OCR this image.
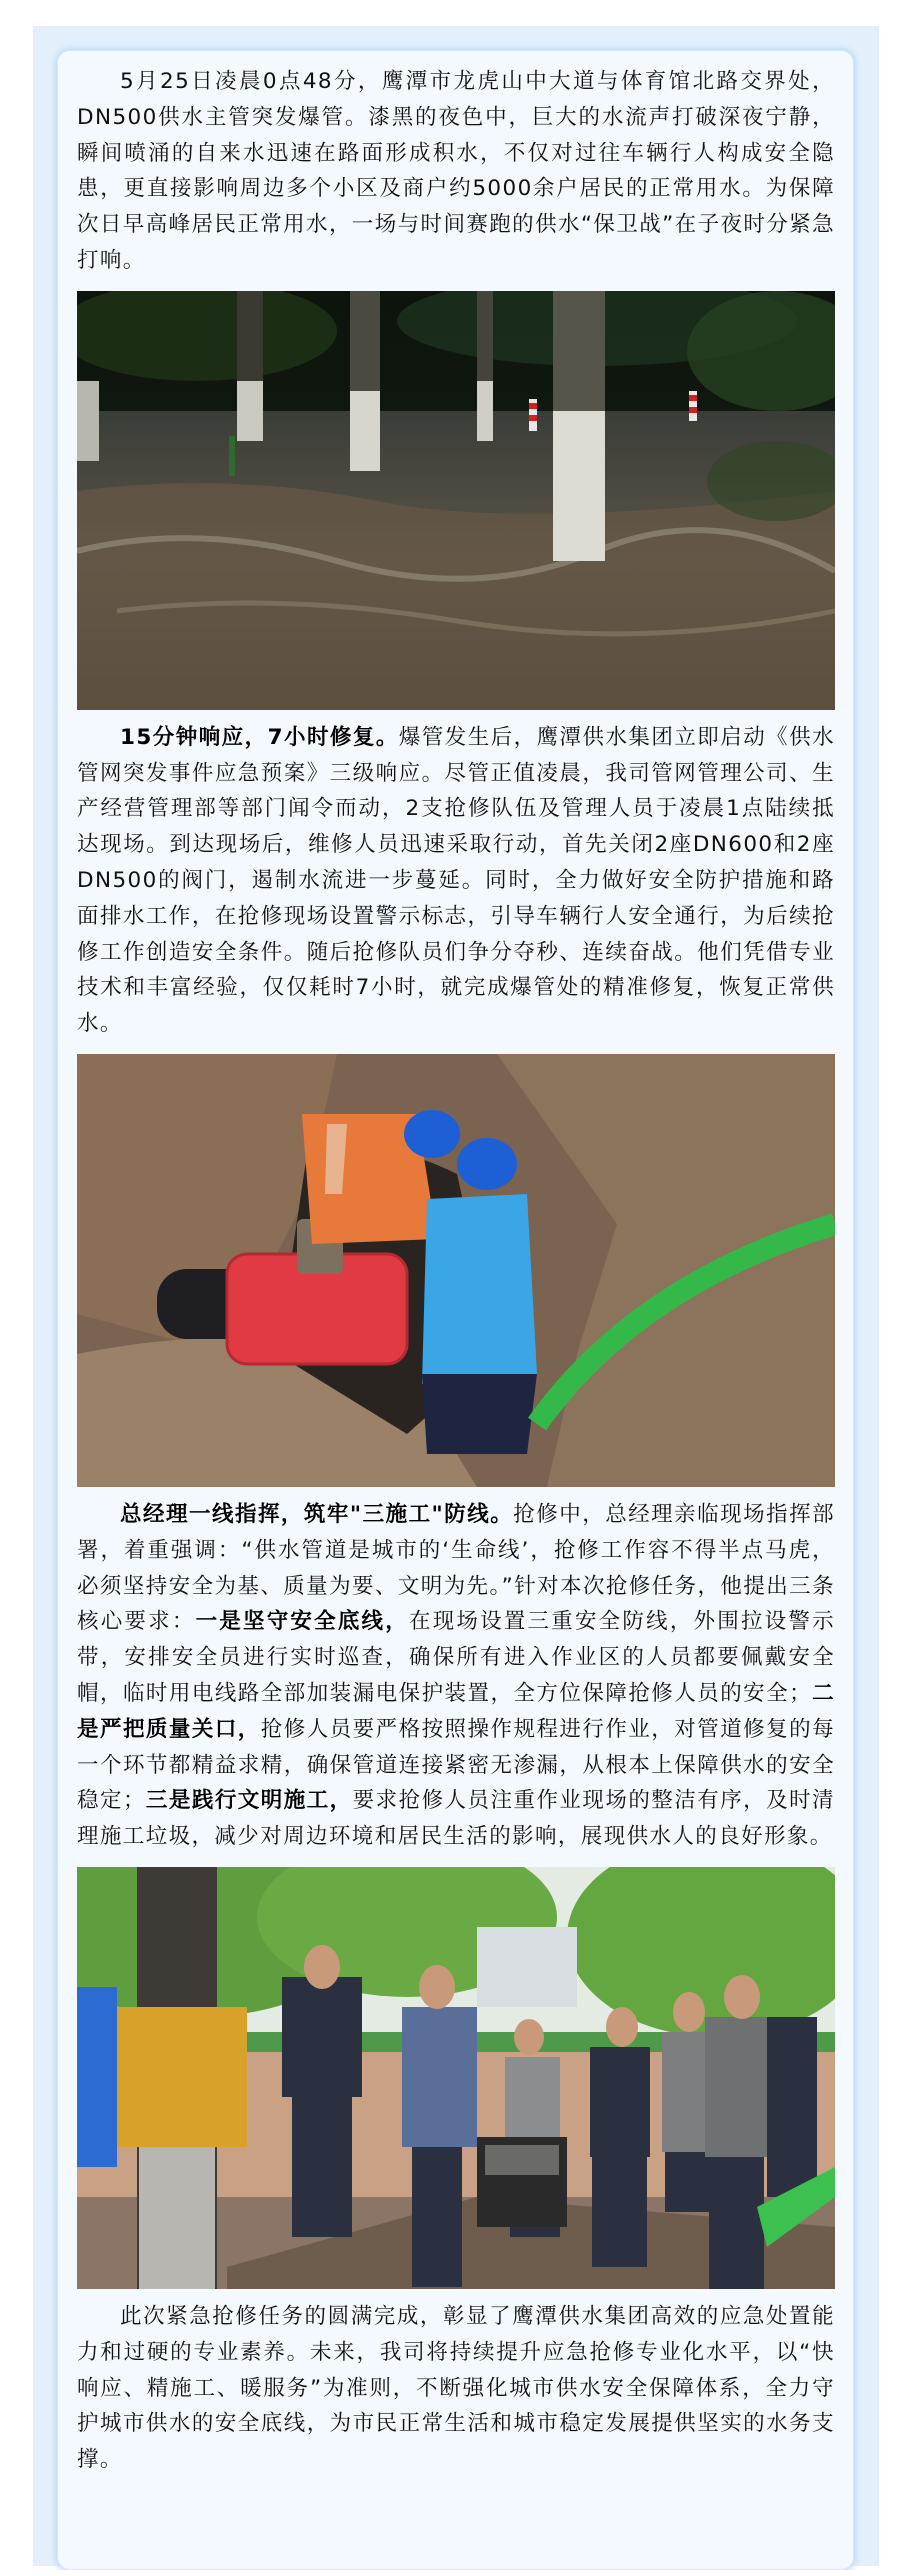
5月25日凌晨0点48分，鹰潭市龙虎山中大道与体育馆北路交界处，DN500供水主管突发爆管。漆黑的夜色中，巨大的水流声打破深夜宁静，瞬间喷涌的自来水迅速在路面形成积水，不仅对过往车辆行人构成安全隐患，更直接影响周边多个小区及商户约5000余户居民的正常用水。为保障次日早高峰居民正常用水，一场与时间赛跑的供水“保卫战”在子夜时分紧急打响。

15分钟响应，7小时修复。爆管发生后，鹰潭供水集团立即启动《供水管网突发事件应急预案》三级响应。尽管正值凌晨，我司管网管理公司、生产经营管理部等部门闻令而动，2支抢修队伍及管理人员于凌晨1点陆续抵达现场。到达现场后，维修人员迅速采取行动，首先关闭2座DN600和2座DN500的阀门，遏制水流进一步蔓延。同时，全力做好安全防护措施和路面排水工作，在抢修现场设置警示标志，引导车辆行人安全通行，为后续抢修工作创造安全条件。随后抢修队员们争分夺秒、连续奋战。他们凭借专业技术和丰富经验，仅仅耗时7小时，就完成爆管处的精准修复，恢复正常供水。

总经理一线指挥，筑牢"三施工"防线。抢修中，总经理亲临现场指挥部署，着重强调：“供水管道是城市的‘生命线’，抢修工作容不得半点马虎，必须坚持安全为基、质量为要、文明为先。”针对本次抢修任务，他提出三条核心要求：一是坚守安全底线，在现场设置三重安全防线，外围拉设警示带，安排安全员进行实时巡查，确保所有进入作业区的人员都要佩戴安全帽，临时用电线路全部加装漏电保护装置，全方位保障抢修人员的安全；二是严把质量关口，抢修人员要严格按照操作规程进行作业，对管道修复的每一个环节都精益求精，确保管道连接紧密无渗漏，从根本上保障供水的安全稳定；三是践行文明施工，要求抢修人员注重作业现场的整洁有序，及时清理施工垃圾，减少对周边环境和居民生活的影响，展现供水人的良好形象。

此次紧急抢修任务的圆满完成，彰显了鹰潭供水集团高效的应急处置能力和过硬的专业素养。未来，我司将持续提升应急抢修专业化水平，以“快响应、精施工、暖服务”为准则，不断强化城市供水安全保障体系，全力守护城市供水的安全底线，为市民正常生活和城市稳定发展提供坚实的水务支撑。
